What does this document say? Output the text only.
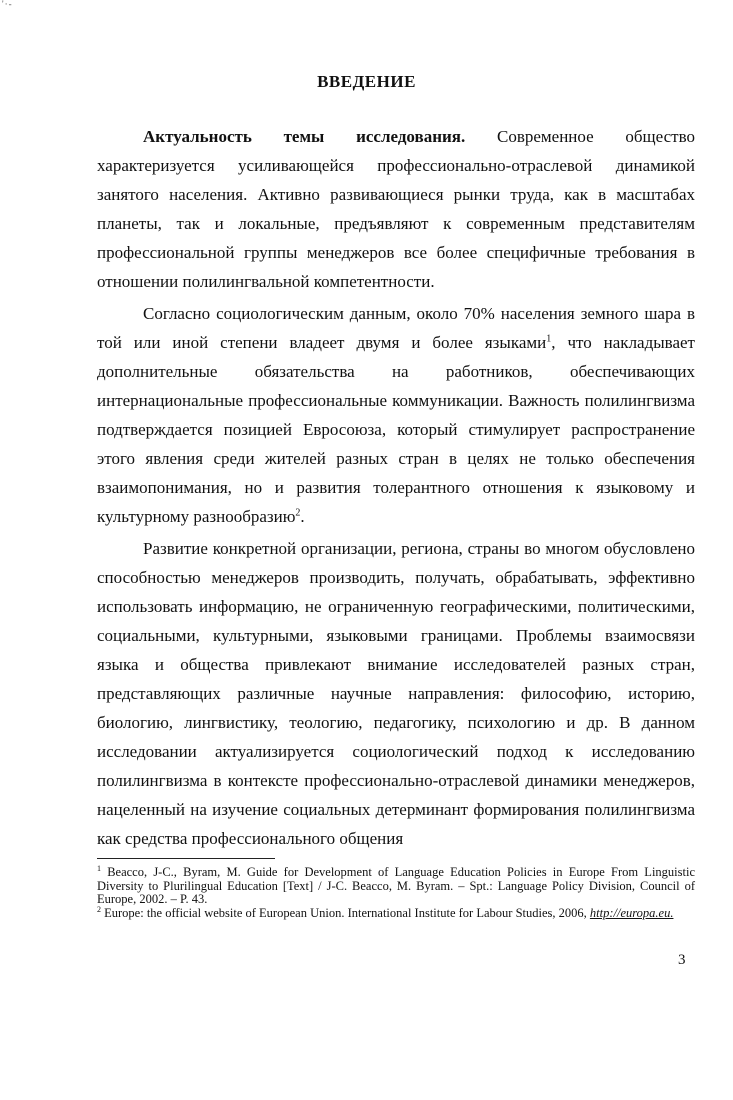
'·-
ВВЕДЕНИЕ

Актуальность темы исследования. Современное общество характеризуется усиливающейся профессионально-отраслевой динамикой занятого населения. Активно развивающиеся рынки труда, как в масштабах планеты, так и локальные, предъявляют к современным представителям профессиональной группы менеджеров все более специфичные требования в отношении полилингвальной компетентности.

Согласно социологическим данным, около 70% населения земного шара в той или иной степени владеет двумя и более языками$^1$, что накладывает дополнительные обязательства на работников, обеспечивающих интернациональные профессиональные коммуникации. Важность полилингвизма подтверждается позицией Евросоюза, который стимулирует распространение этого явления среди жителей разных стран в целях не только обеспечения взаимопонимания, но и развития толерантного отношения к языковому и культурному разнообразию$^2$.

Развитие конкретной организации, региона, страны во многом обусловлено способностью менеджеров производить, получать, обрабатывать, эффективно использовать информацию, не ограниченную географическими, политическими, социальными, культурными, языковыми границами. Проблемы взаимосвязи языка и общества привлекают внимание исследователей разных стран, представляющих различные научные направления: философию, историю, биологию, лингвистику, теологию, педагогику, психологию и др. В данном исследовании актуализируется социологический подход к исследованию полилингвизма в контексте профессионально-отраслевой динамики менеджеров, нацеленный на изучение социальных детерминант формирования полилингвизма как средства профессионального общения

$^1$ Beacco, J-C., Byram, M. Guide for Development of Language Education Policies in Europe From Linguistic Diversity to Plurilingual Education [Text] / J-C. Beacco, M. Byram. – Spt.: Language Policy Division, Council of Europe, 2002. – P. 43.

$^2$ Europe: the official website of European Union. International Institute for Labour Studies, 2006, http://europa.eu.

3
